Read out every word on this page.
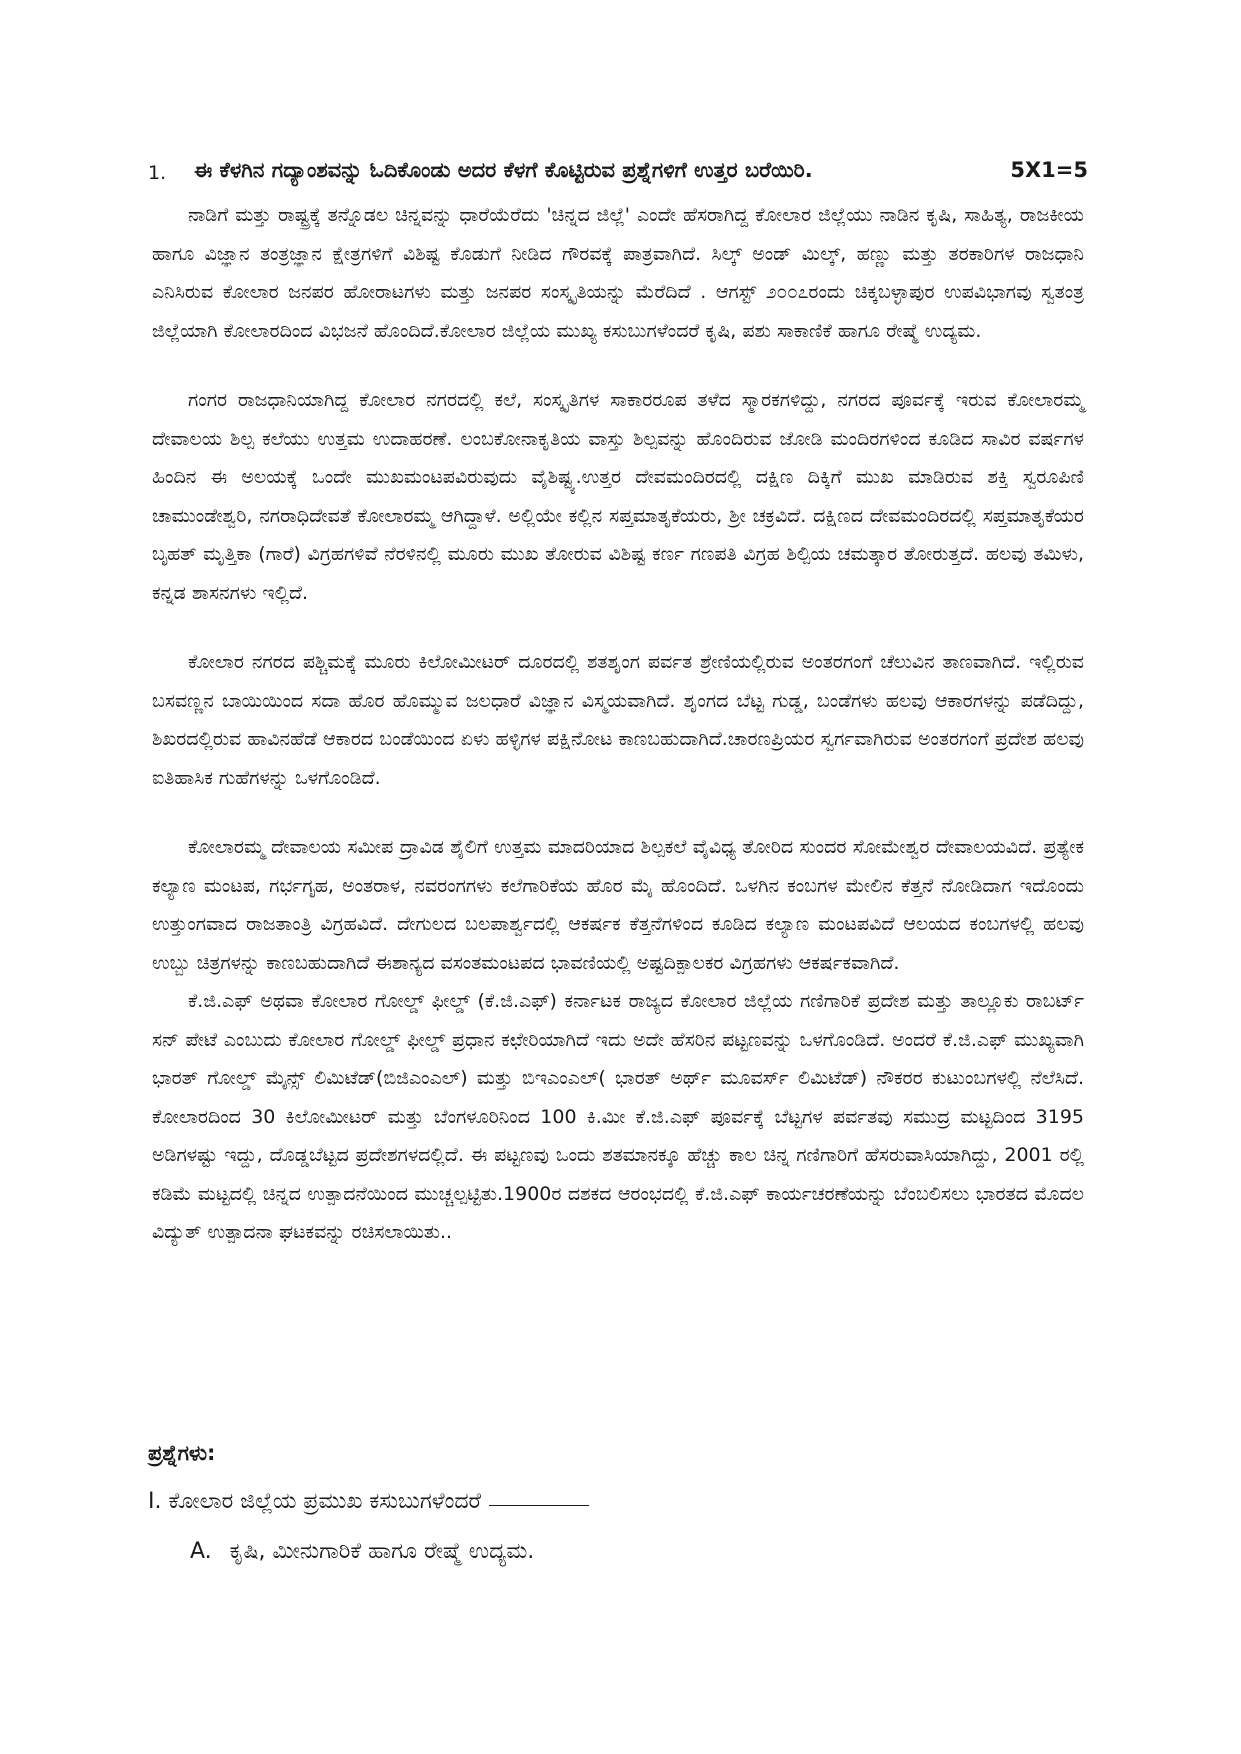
1. ಈ ಕೆಳಗಿನ ಗದ್ಯಾಂಶವನ್ನು ಓದಿಕೊಂಡು ಅದರ ಕೆಳಗೆ ಕೊಟ್ಟಿರುವ ಪ್ರಶ್ನೆಗಳಿಗೆ ಉತ್ತರ ಬರೆಯಿರಿ.	5X1=5

ನಾಡಿಗೆ ಮತ್ತು ರಾಷ್ಟ್ರಕ್ಕೆ ತನ್ನೊಡಲ ಚಿನ್ನವನ್ನು ಧಾರೆಯೆರೆದು 'ಚಿನ್ನದ ಜಿಲ್ಲೆ' ಎಂದೇ ಹೆಸರಾಗಿದ್ದ ಕೋಲಾರ ಜಿಲ್ಲೆಯು ನಾಡಿನ ಕೃಷಿ, ಸಾಹಿತ್ಯ, ರಾಜಕೀಯ ಹಾಗೂ ವಿಜ್ಞಾನ ತಂತ್ರಜ್ಞಾನ ಕ್ಷೇತ್ರಗಳಿಗೆ ವಿಶಿಷ್ಟ ಕೊಡುಗೆ ನೀಡಿದ ಗೌರವಕ್ಕೆ ಪಾತ್ರವಾಗಿದೆ. ಸಿಲ್ಕ್ ಅಂಡ್ ಮಿಲ್ಕ್, ಹಣ್ಣು ಮತ್ತು ತರಕಾರಿಗಳ ರಾಜಧಾನಿ ಎನಿಸಿರುವ ಕೋಲಾರ ಜನಪರ ಹೋರಾಟಗಳು ಮತ್ತು ಜನಪರ ಸಂಸ್ಕೃತಿಯನ್ನು ಮೆರೆದಿದೆ . ಆಗಸ್ಟ್ ೨೦೦೭ರಂದು ಚಿಕ್ಕಬಳ್ಳಾಪುರ ಉಪವಿಭಾಗವು ಸ್ವತಂತ್ರ ಜಿಲ್ಲೆಯಾಗಿ ಕೋಲಾರದಿಂದ ವಿಭಜನೆ ಹೊಂದಿದೆ.ಕೋಲಾರ ಜಿಲ್ಲೆಯ ಮುಖ್ಯ ಕಸುಬುಗಳೆಂದರೆ ಕೃಷಿ, ಪಶು ಸಾಕಾಣಿಕೆ ಹಾಗೂ ರೇಷ್ಮೆ ಉದ್ಯಮ.

ಗಂಗರ ರಾಜಧಾನಿಯಾಗಿದ್ದ ಕೋಲಾರ ನಗರದಲ್ಲಿ ಕಲೆ, ಸಂಸ್ಕೃತಿಗಳ ಸಾಕಾರರೂಪ ತಳೆದ ಸ್ಮಾರಕಗಳಿದ್ದು, ನಗರದ ಪೂರ್ವಕ್ಕೆ ಇರುವ ಕೋಲಾರಮ್ಮ ದೇವಾಲಯ ಶಿಲ್ಪ ಕಲೆಯು ಉತ್ತಮ ಉದಾಹರಣೆ. ಲಂಬಕೋನಾಕೃತಿಯ ವಾಸ್ತು ಶಿಲ್ಪವನ್ನು ಹೊಂದಿರುವ ಜೋಡಿ ಮಂದಿರಗಳಿಂದ ಕೂಡಿದ ಸಾವಿರ ವರ್ಷಗಳ ಹಿಂದಿನ ಈ ಅಲಯಕ್ಕೆ ಒಂದೇ ಮುಖಮಂಟಪವಿರುವುದು ವೈಶಿಷ್ಟ್ಯ.ಉತ್ತರ ದೇವಮಂದಿರದಲ್ಲಿ ದಕ್ಷಿಣ ದಿಕ್ಕಿಗೆ ಮುಖ ಮಾಡಿರುವ ಶಕ್ತಿ ಸ್ವರೂಪಿಣಿ ಚಾಮುಂಡೇಶ್ವರಿ, ನಗರಾಧಿದೇವತೆ ಕೋಲಾರಮ್ಮ ಆಗಿದ್ದಾಳೆ. ಅಲ್ಲಿಯೇ ಕಲ್ಲಿನ ಸಪ್ತಮಾತೃಕೆಯರು, ಶ್ರೀ ಚಕ್ರವಿದೆ. ದಕ್ಷಿಣದ ದೇವಮಂದಿರದಲ್ಲಿ ಸಪ್ತಮಾತೃಕೆಯರ ಬೃಹತ್ ಮೃತ್ತಿಕಾ (ಗಾರೆ) ವಿಗ್ರಹಗಳಿವೆ ನೆರಳಿನಲ್ಲಿ ಮೂರು ಮುಖ ತೋರುವ ವಿಶಿಷ್ಟ ಕರ್ಣ ಗಣಪತಿ ವಿಗ್ರಹ ಶಿಲ್ಪಿಯ ಚಮತ್ಕಾರ ತೋರುತ್ತದೆ. ಹಲವು ತಮಿಳು, ಕನ್ನಡ ಶಾಸನಗಳು ಇಲ್ಲಿದೆ.

ಕೋಲಾರ ನಗರದ ಪಶ್ಚಿಮಕ್ಕೆ ಮೂರು ಕಿಲೋಮೀಟರ್ ದೂರದಲ್ಲಿ ಶತಶೃಂಗ ಪರ್ವತ ಶ್ರೇಣಿಯಲ್ಲಿರುವ ಅಂತರಗಂಗೆ ಚೆಲುವಿನ ತಾಣವಾಗಿದೆ. ಇಲ್ಲಿರುವ ಬಸವಣ್ಣನ ಬಾಯಿಯಿಂದ ಸದಾ ಹೊರ ಹೊಮ್ಮುವ ಜಲಧಾರೆ ವಿಜ್ಞಾನ ವಿಸ್ಮಯವಾಗಿದೆ. ಶೃಂಗದ ಬೆಟ್ಟ ಗುಡ್ಡ, ಬಂಡೆಗಳು ಹಲವು ಆಕಾರಗಳನ್ನು ಪಡೆದಿದ್ದು, ಶಿಖರದಲ್ಲಿರುವ ಹಾವಿನಹೆಡೆ ಆಕಾರದ ಬಂಡೆಯಿಂದ ಏಳು ಹಳ್ಳಿಗಳ ಪಕ್ಷಿನೋಟ ಕಾಣಬಹುದಾಗಿದೆ.ಚಾರಣಪ್ರಿಯರ ಸ್ವರ್ಗವಾಗಿರುವ ಅಂತರಗಂಗೆ ಪ್ರದೇಶ ಹಲವು ಐತಿಹಾಸಿಕ ಗುಹೆಗಳನ್ನು ಒಳಗೊಂಡಿದೆ.

ಕೋಲಾರಮ್ಮ ದೇವಾಲಯ ಸಮೀಪ ದ್ರಾವಿಡ ಶೈಲಿಗೆ ಉತ್ತಮ ಮಾದರಿಯಾದ ಶಿಲ್ಪಕಲೆ ವೈವಿಧ್ಯ ತೋರಿದ ಸುಂದರ ಸೋಮೇಶ್ವರ ದೇವಾಲಯವಿದೆ. ಪ್ರತ್ಯೇಕ ಕಲ್ಯಾಣ ಮಂಟಪ, ಗರ್ಭಗೃಹ, ಅಂತರಾಳ, ನವರಂಗಗಳು ಕಲೆಗಾರಿಕೆಯ ಹೊರ ಮೈ ಹೊಂದಿದೆ. ಒಳಗಿನ ಕಂಬಗಳ ಮೇಲಿನ ಕೆತ್ತನೆ ನೋಡಿದಾಗ ಇದೊಂದು ಉತ್ತುಂಗವಾದ ರಾಜತಾಂತ್ರಿ ವಿಗ್ರಹವಿದೆ. ದೇಗುಲದ ಬಲಪಾರ್ಶ್ವದಲ್ಲಿ ಆಕರ್ಷಕ ಕೆತ್ತನೆಗಳಿಂದ ಕೂಡಿದ ಕಲ್ಯಾಣ ಮಂಟಪವಿದೆ ಆಲಯದ ಕಂಬಗಳಲ್ಲಿ ಹಲವು ಉಬ್ಬು ಚಿತ್ರಗಳನ್ನು ಕಾಣಬಹುದಾಗಿದೆ ಈಶಾನ್ಯದ ವಸಂತಮಂಟಪದ ಭಾವಣಿಯಲ್ಲಿ ಅಷ್ಟದಿಕ್ಪಾಲಕರ ವಿಗ್ರಹಗಳು ಆಕರ್ಷಕವಾಗಿದೆ.

ಕೆ.ಜಿ.ಎಫ್ ಅಥವಾ ಕೋಲಾರ ಗೋಲ್ಡ್ ಫೀಲ್ಡ್ (ಕೆ.ಜಿ.ಎಫ್) ಕರ್ನಾಟಕ ರಾಜ್ಯದ ಕೋಲಾರ ಜಿಲ್ಲೆಯ ಗಣಿಗಾರಿಕೆ ಪ್ರದೇಶ ಮತ್ತು ತಾಲ್ಲೂಕು ರಾಬರ್ಟ್ ಸನ್ ಪೇಟೆ ಎಂಬುದು ಕೋಲಾರ ಗೋಲ್ಡ್ ಫೀಲ್ಡ್ ಪ್ರಧಾನ ಕಛೇರಿಯಾಗಿದೆ ಇದು ಅದೇ ಹೆಸರಿನ ಪಟ್ಟಣವನ್ನು ಒಳಗೊಂಡಿದೆ. ಅಂದರೆ ಕೆ.ಜಿ.ಎಫ್ ಮುಖ್ಯವಾಗಿ ಭಾರತ್ ಗೋಲ್ಡ್ ಮೈನ್ಸ್ ಲಿಮಿಟೆಡ್(ಬಿಜಿಎಂಎಲ್) ಮತ್ತು ಬಿಇಎಂಎಲ್( ಭಾರತ್ ಅರ್ಥ್ ಮೂವರ್ಸ್ ಲಿಮಿಟೆಡ್) ನೌಕರರ ಕುಟುಂಬಗಳಲ್ಲಿ ನೆಲೆಸಿದೆ. ಕೋಲಾರದಿಂದ 30 ಕಿಲೋಮೀಟರ್ ಮತ್ತು ಬೆಂಗಳೂರಿನಿಂದ 100 ಕಿ.ಮೀ ಕೆ.ಜಿ.ಎಫ್ ಪೂರ್ವಕ್ಕೆ ಬೆಟ್ಟಗಳ ಪರ್ವತವು ಸಮುದ್ರ ಮಟ್ಟದಿಂದ 3195 ಅಡಿಗಳಷ್ಟು ಇದ್ದು, ದೊಡ್ಡಬೆಟ್ಟದ ಪ್ರದೇಶಗಳದಲ್ಲಿದೆ. ಈ ಪಟ್ಟಣವು ಒಂದು ಶತಮಾನಕ್ಕೂ ಹೆಚ್ಚು ಕಾಲ ಚಿನ್ನ ಗಣಿಗಾರಿಗೆ ಹೆಸರುವಾಸಿಯಾಗಿದ್ದು, 2001 ರಲ್ಲಿ ಕಡಿಮೆ ಮಟ್ಟದಲ್ಲಿ ಚಿನ್ನದ ಉತ್ಪಾದನೆಯಿಂದ ಮುಚ್ಚಲ್ಪಟ್ಟಿತು.1900ರ ದಶಕದ ಆರಂಭದಲ್ಲಿ ಕೆ.ಜಿ.ಎಫ್ ಕಾರ್ಯಚರಣೆಯನ್ನು ಬೆಂಬಲಿಸಲು ಭಾರತದ ಮೊದಲ ವಿದ್ಯುತ್ ಉತ್ಪಾದನಾ ಘಟಕವನ್ನು ರಚಿಸಲಾಯಿತು..

ಪ್ರಶ್ನೆಗಳು:
I. ಕೋಲಾರ ಜಿಲ್ಲೆಯ ಪ್ರಮುಖ ಕಸುಬುಗಳೆಂದರೆ
A. ಕೃಷಿ, ಮೀನುಗಾರಿಕೆ ಹಾಗೂ ರೇಷ್ಮೆ ಉದ್ಯಮ.
